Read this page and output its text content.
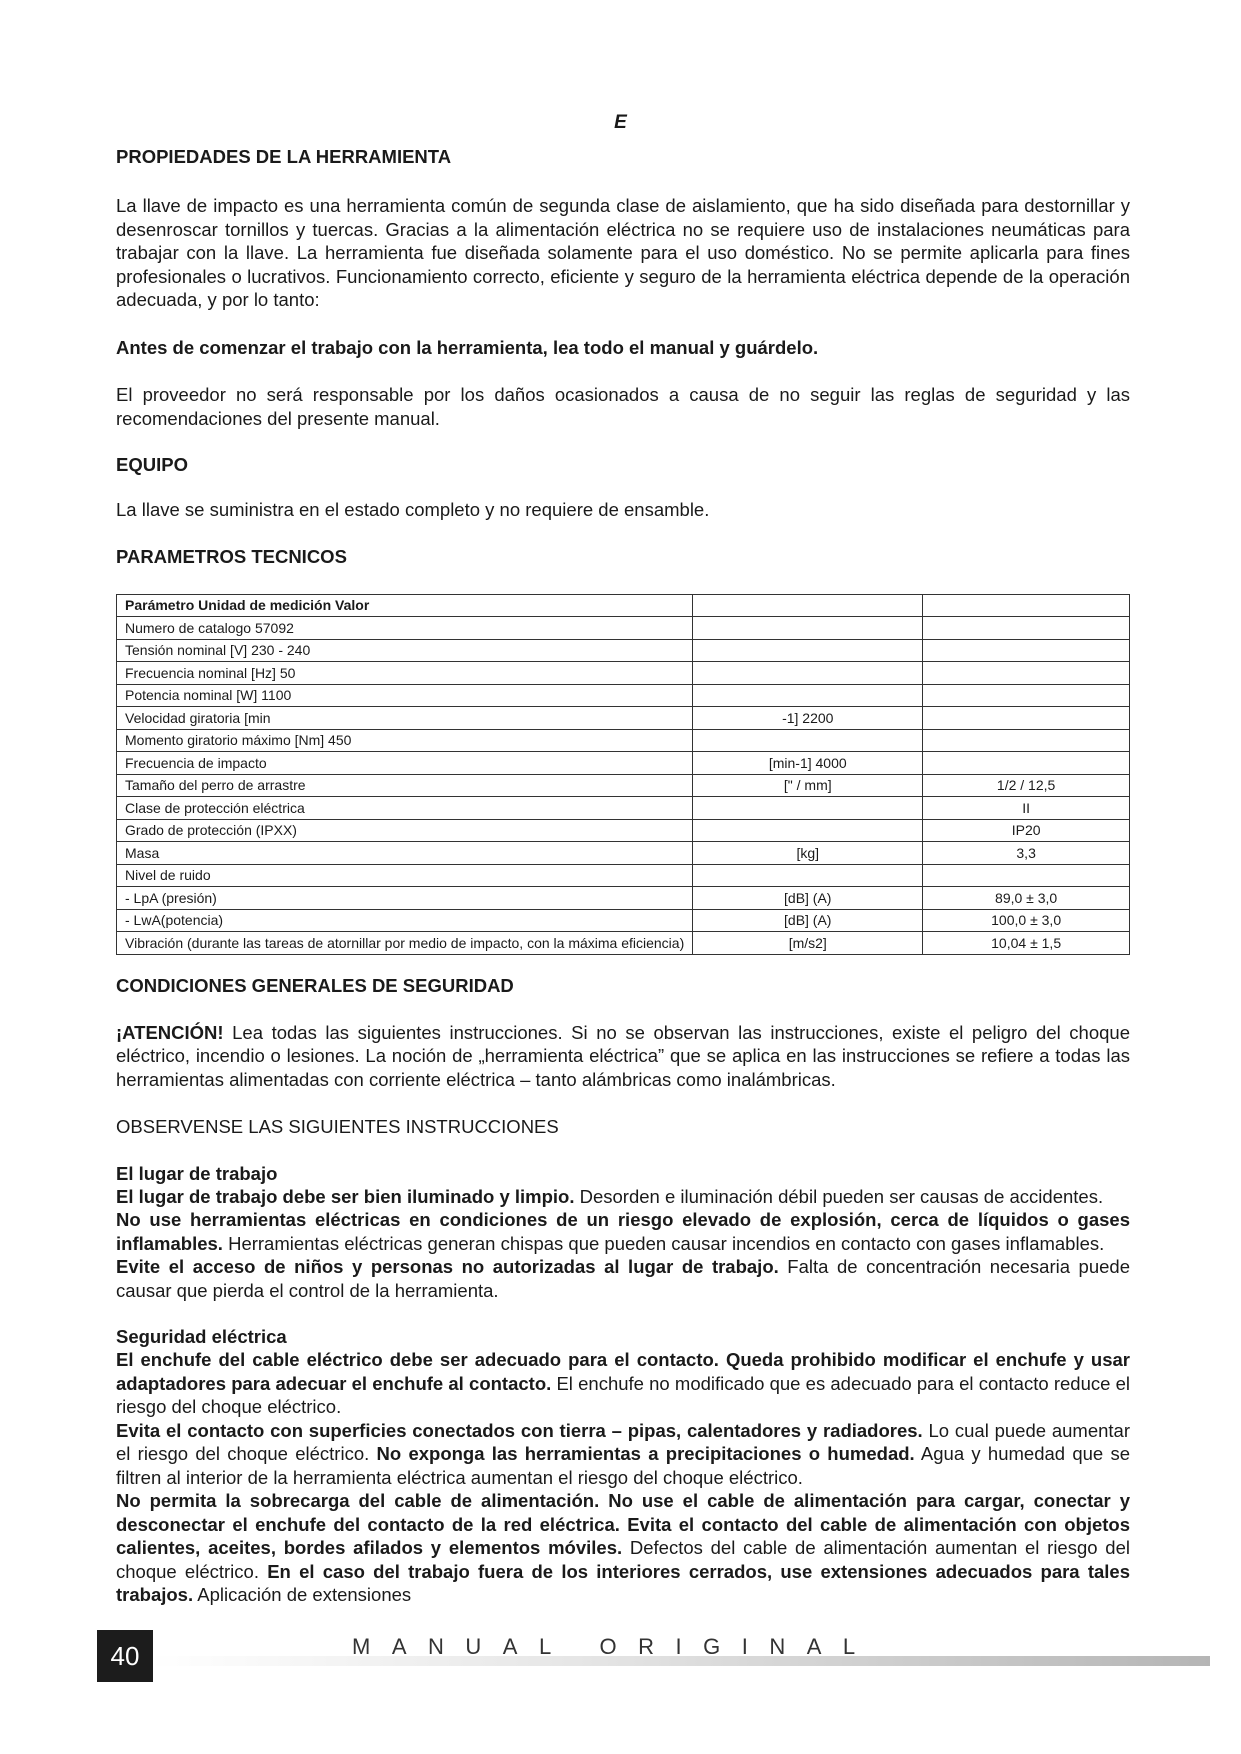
E
PROPIEDADES DE LA HERRAMIENTA

La llave de impacto es una herramienta común de segunda clase de aislamiento, que ha sido diseñada para destornillar y desenroscar tornillos y tuercas. Gracias a la alimentación eléctrica no se requiere uso de instalaciones neumáticas para trabajar con la llave. La herramienta fue diseñada solamente para el uso doméstico. No se permite aplicarla para fines profesionales o lucrativos. Funcionamiento correcto, eficiente y seguro de la herramienta eléctrica depende de la operación adecuada, y por lo tanto:

Antes de comenzar el trabajo con la herramienta, lea todo el manual y guárdelo.

El proveedor no será responsable por los daños ocasionados a causa de no seguir las reglas de seguridad y las recomendaciones del presente manual.

EQUIPO

La llave se suministra en el estado completo y no requiere de ensamble.

PARAMETROS TECNICOS
Parámetro Unidad de medición Valor		
Numero de catalogo 57092		
Tensión nominal [V] 230 - 240		
Frecuencia nominal [Hz] 50		
Potencia nominal [W] 1100		
Velocidad giratoria [min	-1] 2200	
Momento giratorio máximo [Nm] 450		
Frecuencia de impacto	[min-1] 4000	
Tamaño del perro de arrastre	[" / mm]	1/2 / 12,5
Clase de protección eléctrica		II
Grado de protección (IPXX)		IP20
Masa	[kg]	3,3
Nivel de ruido		
- LpA (presión)	[dB] (A)	89,0 ± 3,0
- LwA(potencia)	[dB] (A)	100,0 ± 3,0
Vibración (durante las tareas de atornillar por medio de impacto, con la máxima eficiencia)	[m/s2]	10,04 ± 1,5
CONDICIONES GENERALES DE SEGURIDAD

¡ATENCIÓN! Lea todas las siguientes instrucciones. Si no se observan las instrucciones, existe el peligro del choque eléctrico, incendio o lesiones. La noción de „herramienta eléctrica” que se aplica en las instrucciones se refiere a todas las herramientas alimentadas con corriente eléctrica – tanto alámbricas como inalámbricas.

OBSERVENSE LAS SIGUIENTES INSTRUCCIONES

El lugar de trabajo

El lugar de trabajo debe ser bien iluminado y limpio. Desorden e iluminación débil pueden ser causas de accidentes.

No use herramientas eléctricas en condiciones de un riesgo elevado de explosión, cerca de líquidos o gases inflamables. Herramientas eléctricas generan chispas que pueden causar incendios en contacto con gases inflamables.

Evite el acceso de niños y personas no autorizadas al lugar de trabajo. Falta de concentración necesaria puede causar que pierda el control de la herramienta.

Seguridad eléctrica

El enchufe del cable eléctrico debe ser adecuado para el contacto. Queda prohibido modificar el enchufe y usar adaptadores para adecuar el enchufe al contacto. El enchufe no modificado que es adecuado para el contacto reduce el riesgo del choque eléctrico.

Evita el contacto con superficies conectados con tierra – pipas, calentadores y radiadores. Lo cual puede aumentar el riesgo del choque eléctrico. No exponga las herramientas a precipitaciones o humedad. Agua y humedad que se filtren al interior de la herramienta eléctrica aumentan el riesgo del choque eléctrico.

No permita la sobrecarga del cable de alimentación. No use el cable de alimentación para cargar, conectar y desconectar el enchufe del contacto de la red eléctrica. Evita el contacto del cable de alimentación con objetos calientes, aceites, bordes afilados y elementos móviles. Defectos del cable de alimentación aumentan el riesgo del choque eléctrico. En el caso del trabajo fuera de los interiores cerrados, use extensiones adecuados para tales trabajos. Aplicación de extensiones

40	MANUAL ORIGINAL
